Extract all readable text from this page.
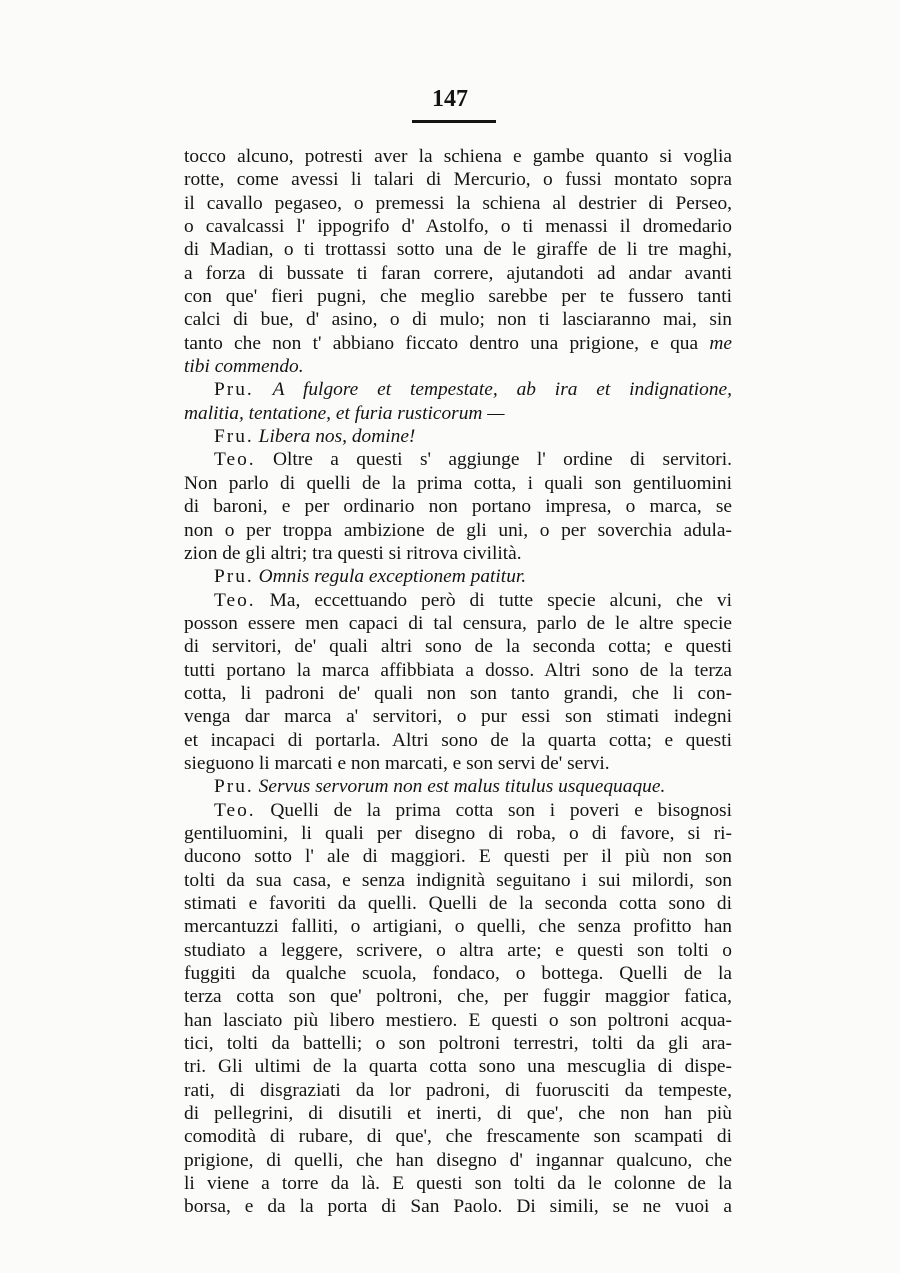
147
tocco alcuno, potresti aver la schiena e gambe quanto si voglia
rotte, come avessi li talari di Mercurio, o fussi montato sopra
il cavallo pegaseo, o premessi la schiena al destrier di Perseo,
o cavalcassi l' ippogrifo d' Astolfo, o ti menassi il dromedario
di Madian, o ti trottassi sotto una de le giraffe de li tre maghi,
a forza di bussate ti faran correre, ajutandoti ad andar avanti
con que' fieri pugni, che meglio sarebbe per te fussero tanti
calci di bue, d' asino, o di mulo; non ti lasciaranno mai, sin
tanto che non t' abbiano ficcato dentro una prigione, e qua me
tibi commendo.
Pru. A fulgore et tempestate, ab ira et indignatione,
malitia, tentatione, et furia rusticorum —
Fru. Libera nos, domine!
Teo. Oltre a questi s' aggiunge l' ordine di servitori.
Non parlo di quelli de la prima cotta, i quali son gentiluomini
di baroni, e per ordinario non portano impresa, o marca, se
non o per troppa ambizione de gli uni, o per soverchia adula-
zion de gli altri; tra questi si ritrova civilità.
Pru. Omnis regula exceptionem patitur.
Teo. Ma, eccettuando però di tutte specie alcuni, che vi
posson essere men capaci di tal censura, parlo de le altre specie
di servitori, de' quali altri sono de la seconda cotta; e questi
tutti portano la marca affibbiata a dosso. Altri sono de la terza
cotta, li padroni de' quali non son tanto grandi, che li con-
venga dar marca a' servitori, o pur essi son stimati indegni
et incapaci di portarla. Altri sono de la quarta cotta; e questi
sieguono li marcati e non marcati, e son servi de' servi.
Pru. Servus servorum non est malus titulus usquequaque.
Teo. Quelli de la prima cotta son i poveri e bisognosi
gentiluomini, li quali per disegno di roba, o di favore, si ri-
ducono sotto l' ale di maggiori. E questi per il più non son
tolti da sua casa, e senza indignità seguitano i sui milordi, son
stimati e favoriti da quelli. Quelli de la seconda cotta sono di
mercantuzzi falliti, o artigiani, o quelli, che senza profitto han
studiato a leggere, scrivere, o altra arte; e questi son tolti o
fuggiti da qualche scuola, fondaco, o bottega. Quelli de la
terza cotta son que' poltroni, che, per fuggir maggior fatica,
han lasciato più libero mestiero. E questi o son poltroni acqua-
tici, tolti da battelli; o son poltroni terrestri, tolti da gli ara-
tri. Gli ultimi de la quarta cotta sono una mescuglia di dispe-
rati, di disgraziati da lor padroni, di fuorusciti da tempeste,
di pellegrini, di disutili et inerti, di que', che non han più
comodità di rubare, di que', che frescamente son scampati di
prigione, di quelli, che han disegno d' ingannar qualcuno, che
li viene a torre da là. E questi son tolti da le colonne de la
borsa, e da la porta di San Paolo. Di simili, se ne vuoi a
